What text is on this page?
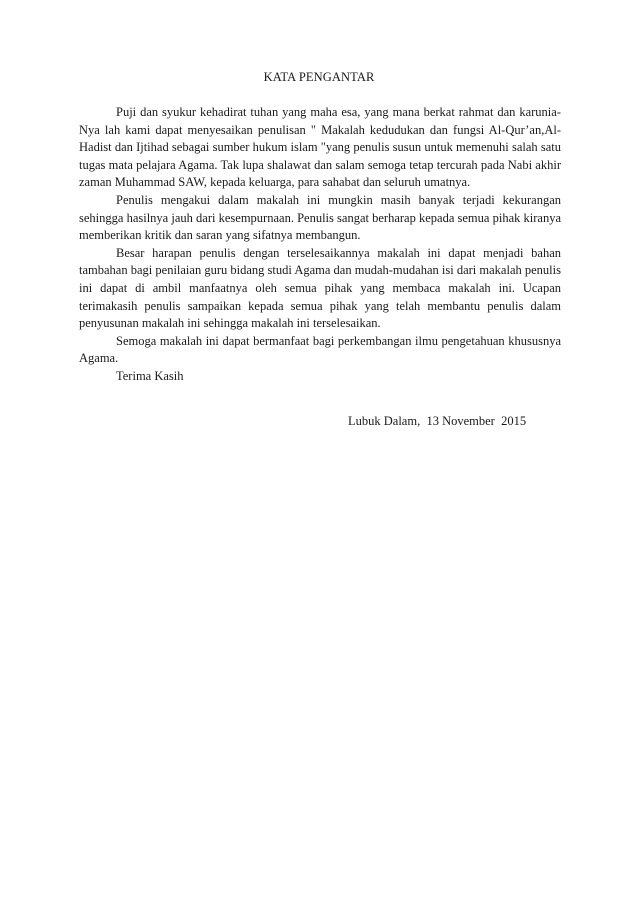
KATA PENGANTAR

Puji dan syukur kehadirat tuhan yang maha esa, yang mana berkat rahmat dan karunia-Nya lah kami dapat menyesaikan penulisan " Makalah kedudukan dan fungsi Al-Qur’an,Al-Hadist dan Ijtihad sebagai sumber hukum islam "yang penulis susun untuk memenuhi salah satu tugas mata pelajara Agama. Tak lupa shalawat dan salam semoga tetap tercurah pada Nabi akhir zaman Muhammad SAW, kepada keluarga, para sahabat dan seluruh umatnya.

Penulis mengakui dalam makalah ini mungkin masih banyak terjadi kekurangan sehingga hasilnya jauh dari kesempurnaan. Penulis sangat berharap kepada semua pihak kiranya memberikan kritik dan saran yang sifatnya membangun.

Besar harapan penulis dengan terselesaikannya makalah ini dapat menjadi bahan tambahan bagi penilaian guru bidang studi Agama dan mudah-mudahan isi dari makalah penulis ini dapat di ambil manfaatnya oleh semua pihak yang membaca makalah ini. Ucapan terimakasih penulis sampaikan kepada semua pihak yang telah membantu penulis dalam penyusunan makalah ini sehingga makalah ini terselesaikan.

Semoga makalah ini dapat bermanfaat bagi perkembangan ilmu pengetahuan khususnya Agama.

Terima Kasih

Lubuk Dalam,  13 November  2015
